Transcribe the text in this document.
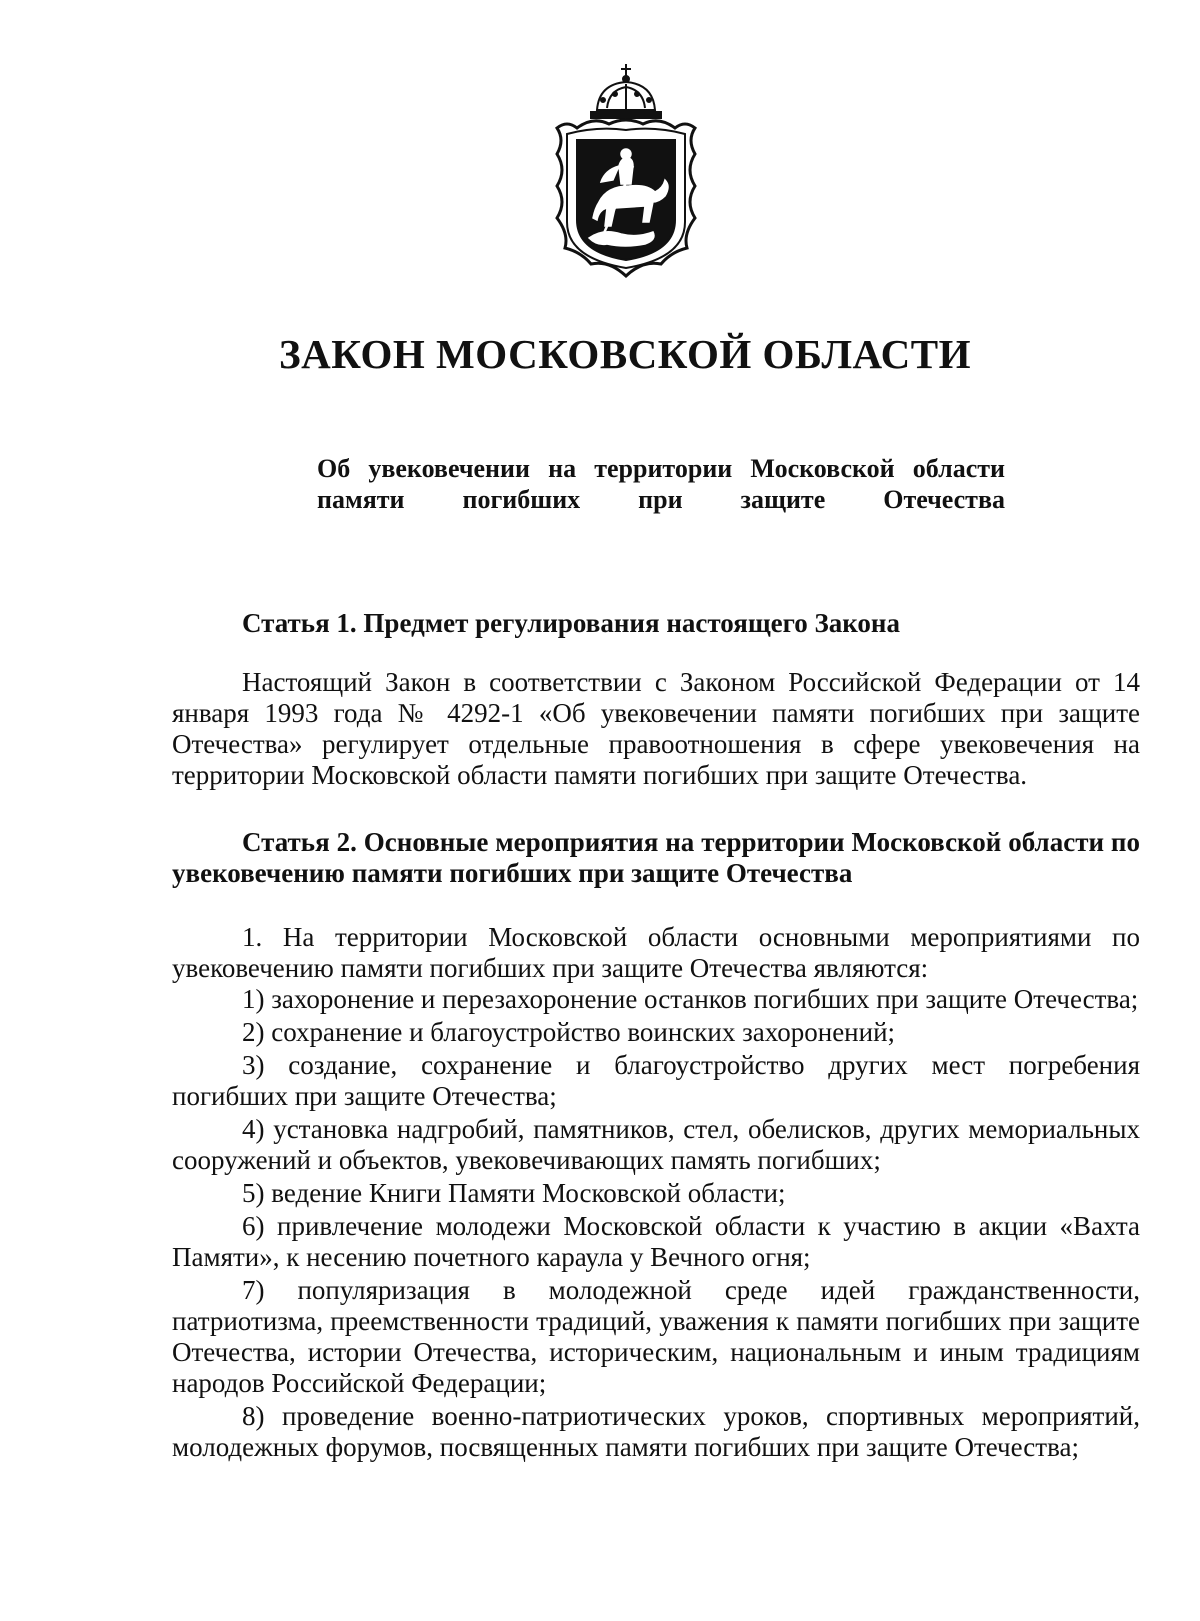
ЗАКОН МОСКОВСКОЙ ОБЛАСТИ

Об увековечении на территории Московской области памяти погибших при защите Отечества

Статья 1. Предмет регулирования настоящего Закона

Настоящий Закон в соответствии с Законом Российской Федерации от 14 января 1993 года № 4292-1 «Об увековечении памяти погибших при защите Отечества» регулирует отдельные правоотношения в сфере увековечения на территории Московской области памяти погибших при защите Отечества.

Статья 2. Основные мероприятия на территории Московской области по увековечению памяти погибших при защите Отечества

1. На территории Московской области основными мероприятиями по увековечению памяти погибших при защите Отечества являются:

1) захоронение и перезахоронение останков погибших при защите Отечества;

2) сохранение и благоустройство воинских захоронений;

3) создание, сохранение и благоустройство других мест погребения погибших при защите Отечества;

4) установка надгробий, памятников, стел, обелисков, других мемориальных сооружений и объектов, увековечивающих память погибших;

5) ведение Книги Памяти Московской области;

6) привлечение молодежи Московской области к участию в акции «Вахта Памяти», к несению почетного караула у Вечного огня;

7) популяризация в молодежной среде идей гражданственности, патриотизма, преемственности традиций, уважения к памяти погибших при защите Отечества, истории Отечества, историческим, национальным и иным традициям народов Российской Федерации;

8) проведение военно-патриотических уроков, спортивных мероприятий, молодежных форумов, посвященных памяти погибших при защите Отечества;
